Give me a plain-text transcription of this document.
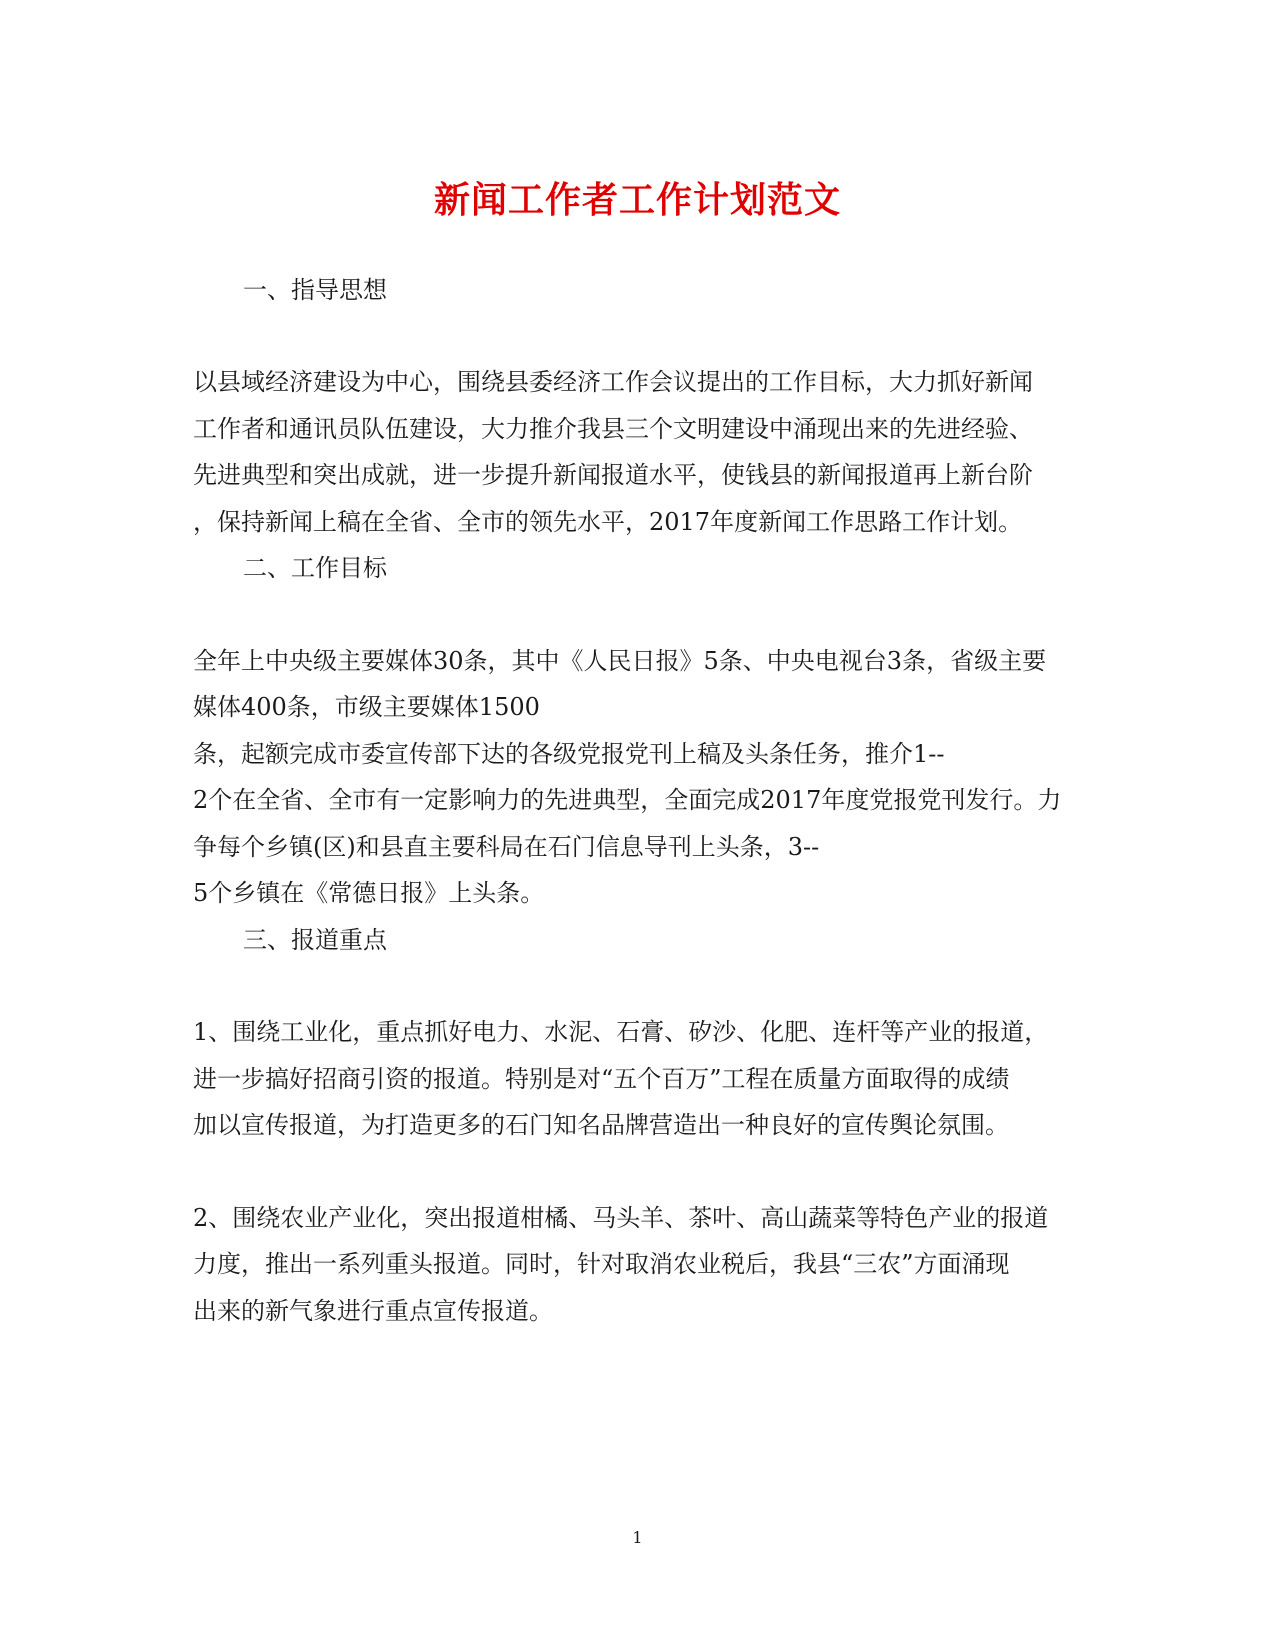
新闻工作者工作计划范文
一、指导思想
以县域经济建设为中心，围绕县委经济工作会议提出的工作目标，大力抓好新闻
工作者和通讯员队伍建设，大力推介我县三个文明建设中涌现出来的先进经验、
先进典型和突出成就，进一步提升新闻报道水平，使钱县的新闻报道再上新台阶
，保持新闻上稿在全省、全市的领先水平，2017年度新闻工作思路工作计划。
二、工作目标
全年上中央级主要媒体30条，其中《人民日报》5条、中央电视台3条，省级主要
媒体400条，市级主要媒体1500
条，起额完成市委宣传部下达的各级党报党刊上稿及头条任务，推介1--
2个在全省、全市有一定影响力的先进典型，全面完成2017年度党报党刊发行。力
争每个乡镇(区)和县直主要科局在石门信息导刊上头条，3--
5个乡镇在《常德日报》上头条。
三、报道重点
1、围绕工业化，重点抓好电力、水泥、石膏、矽沙、化肥、连杆等产业的报道，
进一步搞好招商引资的报道。特别是对“五个百万”工程在质量方面取得的成绩
加以宣传报道，为打造更多的石门知名品牌营造出一种良好的宣传舆论氛围。
2、围绕农业产业化，突出报道柑橘、马头羊、茶叶、高山蔬菜等特色产业的报道
力度，推出一系列重头报道。同时，针对取消农业税后，我县“三农”方面涌现
出来的新气象进行重点宣传报道。
1
